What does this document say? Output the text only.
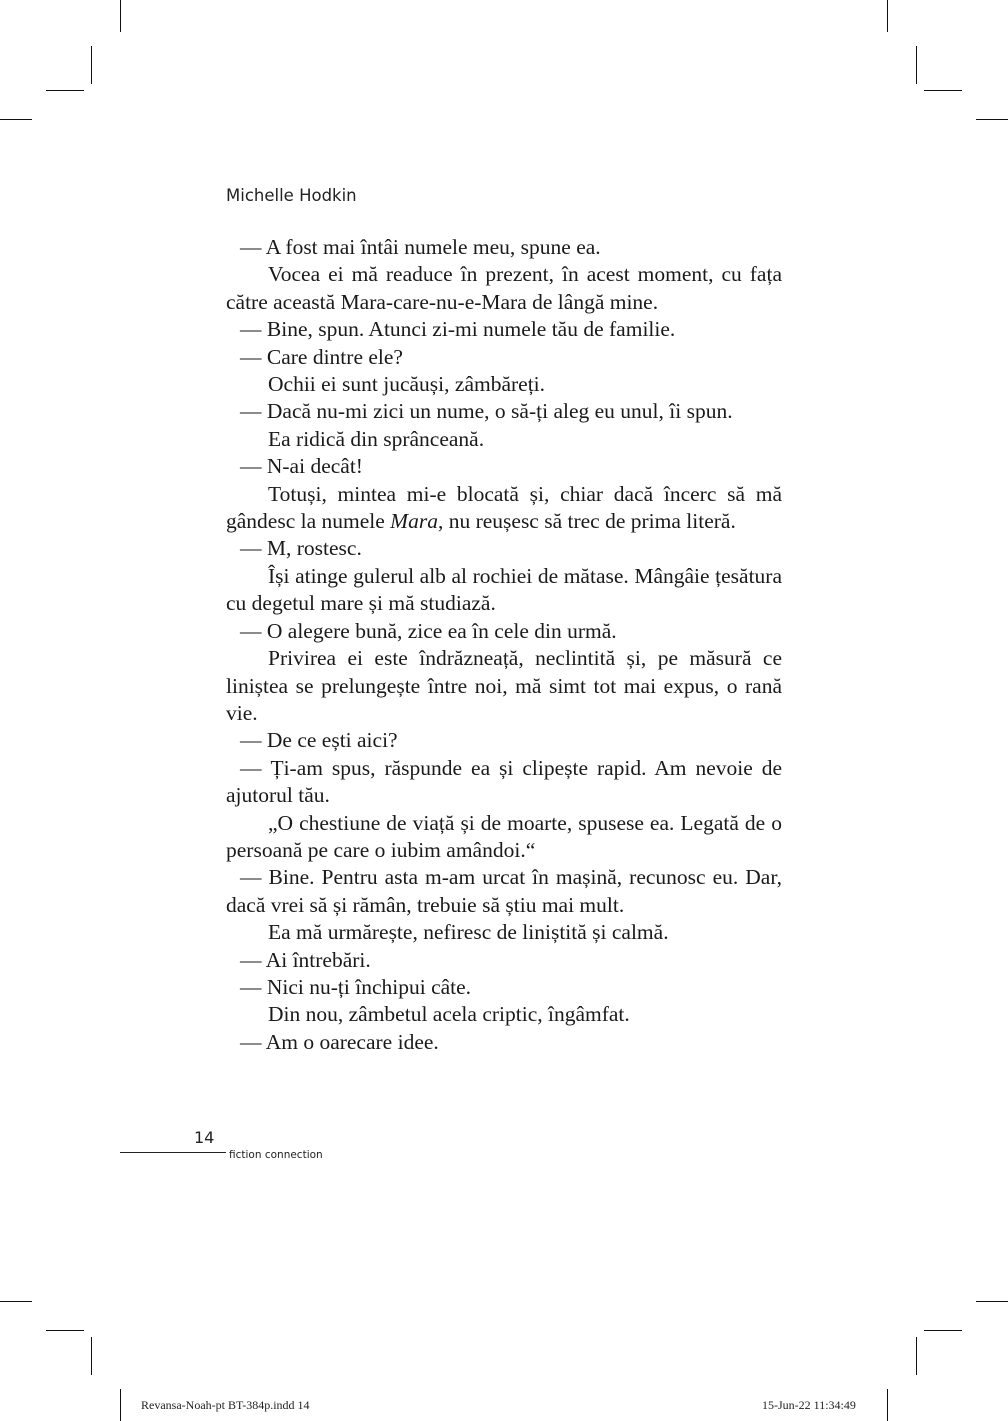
Michelle Hodkin

— A fost mai întâi numele meu, spune ea.

Vocea ei mă readuce în prezent, în acest moment, cu fața către această Mara-care-nu-e-Mara de lângă mine.

— Bine, spun. Atunci zi-mi numele tău de familie.

— Care dintre ele?

Ochii ei sunt jucăuși, zâmbăreți.

— Dacă nu-mi zici un nume, o să-ți aleg eu unul, îi spun.

Ea ridică din sprânceană.

— N-ai decât!

Totuși, mintea mi-e blocată și, chiar dacă încerc să mă gândesc la numele Mara, nu reușesc să trec de prima literă.

— M, rostesc.

Își atinge gulerul alb al rochiei de mătase. Mângâie țesătura cu degetul mare și mă studiază.

— O alegere bună, zice ea în cele din urmă.

Privirea ei este îndrăzneață, neclintită și, pe măsură ce liniștea se prelungește între noi, mă simt tot mai expus, o rană vie.

— De ce ești aici?

— Ți-am spus, răspunde ea și clipește rapid. Am nevoie de ajutorul tău.

„O chestiune de viață și de moarte, spusese ea. Legată de o persoană pe care o iubim amândoi.“

— Bine. Pentru asta m-am urcat în mașină, recunosc eu. Dar, dacă vrei să și rămân, trebuie să știu mai mult.

Ea mă urmărește, nefiresc de liniștită și calmă.

— Ai întrebări.

— Nici nu-ți închipui câte.

Din nou, zâmbetul acela criptic, îngâmfat.

— Am o oarecare idee.

14
fiction connection
Revansa-Noah-pt BT-384p.indd 14	15-Jun-22 11:34:49
